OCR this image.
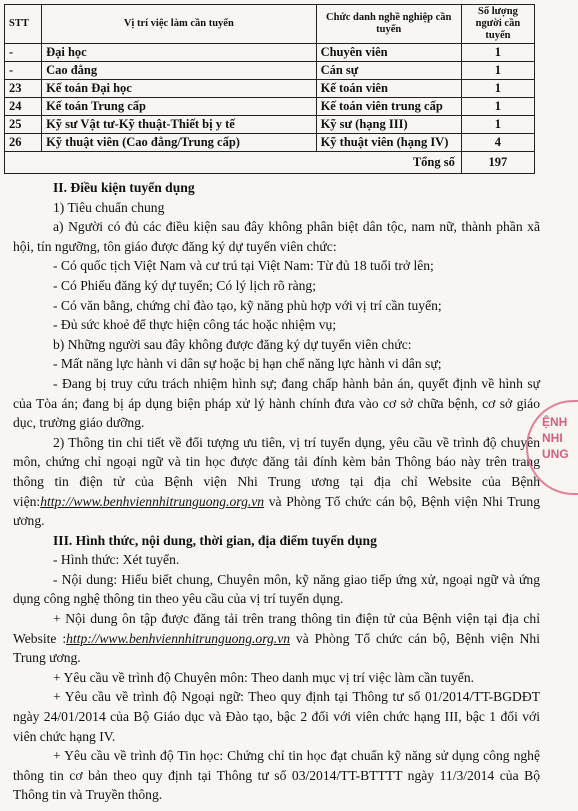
STT	Vị trí việc làm cần tuyển	Chức danh nghề nghiệp cần tuyển	Số lượng người cần tuyển
-	Đại học	Chuyên viên	1
-	Cao đẳng	Cán sự	1
23	Kế toán Đại học	Kế toán viên	1
24	Kế toán Trung cấp	Kế toán viên trung cấp	1
25	Kỹ sư Vật tư-Kỹ thuật-Thiết bị y tế	Kỹ sư (hạng III)	1
26	Kỹ thuật viên (Cao đẳng/Trung cấp)	Kỹ thuật viên (hạng IV)	4
Tổng số			197

II. Điều kiện tuyển dụng

1) Tiêu chuẩn chung

a) Người có đủ các điều kiện sau đây không phân biệt dân tộc, nam nữ, thành phần xã hội, tín ngưỡng, tôn giáo được đăng ký dự tuyển viên chức:

- Có quốc tịch Việt Nam và cư trú tại Việt Nam: Từ đủ 18 tuổi trở lên;

- Có Phiếu đăng ký dự tuyển; Có lý lịch rõ ràng;

- Có văn bằng, chứng chỉ đào tạo, kỹ năng phù hợp với vị trí cần tuyển;

- Đủ sức khoẻ để thực hiện công tác hoặc nhiệm vụ;

b) Những người sau đây không được đăng ký dự tuyển viên chức:

- Mất năng lực hành vi dân sự hoặc bị hạn chế năng lực hành vi dân sự;

- Đang bị truy cứu trách nhiệm hình sự; đang chấp hành bản án, quyết định về hình sự của Tòa án; đang bị áp dụng biện pháp xử lý hành chính đưa vào cơ sở chữa bệnh, cơ sở giáo dục, trường giáo dưỡng.

2) Thông tin chi tiết về đối tượng ưu tiên, vị trí tuyển dụng, yêu cầu về trình độ chuyên môn, chứng chỉ ngoại ngữ và tin học được đăng tải đính kèm bản Thông báo này trên trang thông tin điện tử của Bệnh viện Nhi Trung ương tại địa chỉ Website của Bệnh viện:http://www.benhviennhitrunguong.org.vn và Phòng Tổ chức cán bộ, Bệnh viện Nhi Trung ương.

III. Hình thức, nội dung, thời gian, địa điểm tuyển dụng

- Hình thức: Xét tuyển.

- Nội dung: Hiểu biết chung, Chuyên môn, kỹ năng giao tiếp ứng xử, ngoại ngữ và ứng dụng công nghệ thông tin theo yêu cầu của vị trí tuyển dụng.

+ Nội dung ôn tập được đăng tải trên trang thông tin điện tử của Bệnh viện tại địa chỉ Website :http://www.benhviennhitrunguong.org.vn và Phòng Tổ chức cán bộ, Bệnh viện Nhi Trung ương.

+ Yêu cầu về trình độ Chuyên môn: Theo danh mục vị trí việc làm cần tuyển.

+ Yêu cầu về trình độ Ngoại ngữ: Theo quy định tại Thông tư số 01/2014/TT-BGDĐT ngày 24/01/2014 của Bộ Giáo dục và Đào tạo, bậc 2 đối với viên chức hạng III, bậc 1 đối với viên chức hạng IV.

+ Yêu cầu về trình độ Tin học: Chứng chỉ tin học đạt chuẩn kỹ năng sử dụng công nghệ thông tin cơ bản theo quy định tại Thông tư số 03/2014/TT-BTTTT ngày 11/3/2014 của Bộ Thông tin và Truyền thông.

ỆNH
NHI
UNG
